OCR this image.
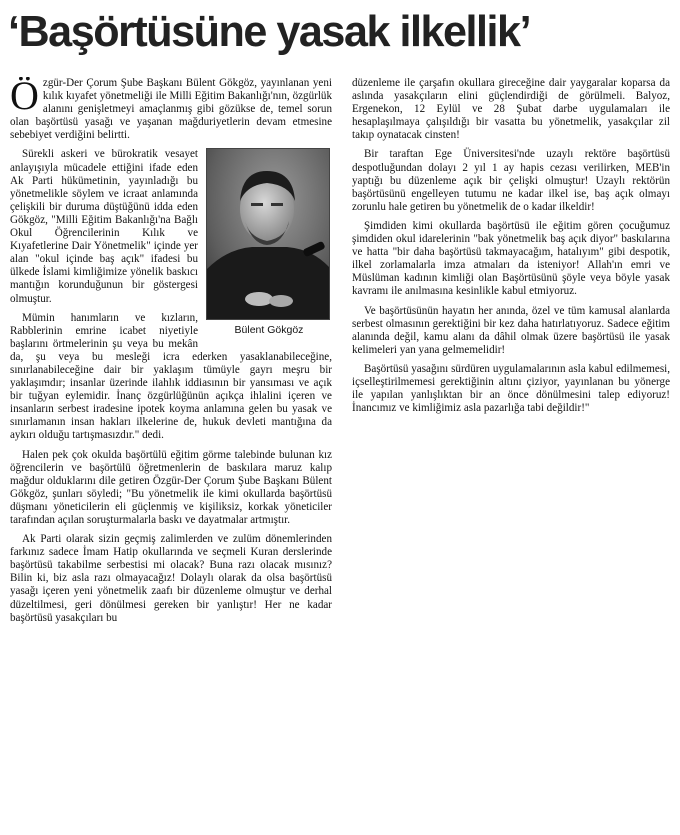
‘Başörtüsüne yasak ilkellik’

Özgür-Der Çorum Şube Başkanı Bülent Gökgöz, yayınlanan yeni kılık kıyafet yönetmeliği ile Milli Eğitim Bakanlığı'nın, özgürlük alanını genişletmeyi amaçlanmış gibi gözükse de, temel sorun olan başörtüsü yasağı ve yaşanan mağduriyetlerin devam etmesine sebebiyet verdiğini belirtti.

Bülent Gökgöz

Sürekli askeri ve bürokratik vesayet anlayışıyla mücadele ettiğini ifade eden Ak Parti hükümetinin, yayınladığı bu yönetmelikle söylem ve icraat anlamında çelişkili bir duruma düştüğünü idda eden Gökgöz, "Milli Eğitim Bakanlığı'na Bağlı Okul Öğrencilerinin Kılık ve Kıyafetlerine Dair Yönetmelik" içinde yer alan "okul içinde baş açık" ifadesi bu ülkede İslami kimliğimize yönelik baskıcı mantığın korunduğunun bir göstergesi olmuştur.

Mümin hanımların ve kızların, Rabblerinin emrine icabet niyetiyle başlarını örtmelerinin şu veya bu mekân da, şu veya bu mesleği icra ederken yasaklanabileceğine, sınırlanabileceğine dair bir yaklaşım tümüyle gayrı meşru bir yaklaşımdır; insanlar üzerinde ilahlık iddiasının bir yansıması ve açık bir tuğyan eylemidir. İnanç özgürlüğünün açıkça ihlalini içeren ve insanların serbest iradesine ipotek koyma anlamına gelen bu yasak ve sınırlamanın insan hakları ilkelerine de, hukuk devleti mantığına da aykırı olduğu tartışmasızdır." dedi.

Halen pek çok okulda başörtülü eğitim görme talebinde bulunan kız öğrencilerin ve başörtülü öğretmenlerin de baskılara maruz kalıp mağdur olduklarını dile getiren Özgür-Der Çorum Şube Başkanı Bülent Gökgöz, şunları söyledi; "Bu yönetmelik ile kimi okullarda başörtüsü düşmanı yöneticilerin eli güçlenmiş ve kişiliksiz, korkak yöneticiler tarafından açılan soruşturmalarla baskı ve dayatmalar artmıştır.

Ak Parti olarak sizin geçmiş zalimlerden ve zulüm dönemlerinden farkınız sadece İmam Hatip okullarında ve seçmeli Kuran derslerinde başörtüsü takabilme serbestisi mi olacak? Buna razı olacak mısınız? Bilin ki, biz asla razı olmayacağız! Dolaylı olarak da olsa başörtüsü yasağı içeren yeni yönetmelik zaafı bir düzenleme olmuştur ve derhal düzeltilmesi, geri dönülmesi gereken bir yanlıştır! Her ne kadar başörtüsü yasakçıları bu

düzenleme ile çarşafın okullara gireceğine dair yaygaralar koparsa da aslında yasakçıların elini güçlendirdiği de görülmeli. Balyoz, Ergenekon, 12 Eylül ve 28 Şubat darbe uygulamaları ile hesaplaşılmaya çalışıldığı bir vasatta bu yönetmelik, yasakçılar zil takıp oynatacak cinsten!

Bir taraftan Ege Üniversitesi'nde uzaylı rektöre başörtüsü despotluğundan dolayı 2 yıl 1 ay hapis cezası verilirken, MEB'in yaptığı bu düzenleme açık bir çelişki olmuştur! Uzaylı rektörün başörtüsünü engelleyen tutumu ne kadar ilkel ise, baş açık olmayı zorunlu hale getiren bu yönetmelik de o kadar ilkeldir!

Şimdiden kimi okullarda başörtüsü ile eğitim gören çocuğumuz şimdiden okul idarelerinin "bak yönetmelik baş açık diyor" baskılarına ve hatta "bir daha başörtüsü takmayacağım, hatalıyım" gibi despotik, ilkel zorlamalarla imza atmaları da isteniyor! Allah'ın emri ve Müslüman kadının kimliği olan Başörtüsünü şöyle veya böyle yasak kavramı ile anılmasına kesinlikle kabul etmiyoruz.

Ve başörtüsünün hayatın her anında, özel ve tüm kamusal alanlarda serbest olmasının gerektiğini bir kez daha hatırlatıyoruz. Sadece eğitim alanında değil, kamu alanı da dâhil olmak üzere başörtüsü ile yasak kelimeleri yan yana gelmemelidir!

Başörtüsü yasağını sürdüren uygulamalarının asla kabul edilmemesi, içselleştirilmemesi gerektiğinin altını çiziyor, yayınlanan bu yönerge ile yapılan yanlışlıktan bir an önce dönülmesini talep ediyoruz! İnancımız ve kimliğimiz asla pazarlığa tabi değildir!"
